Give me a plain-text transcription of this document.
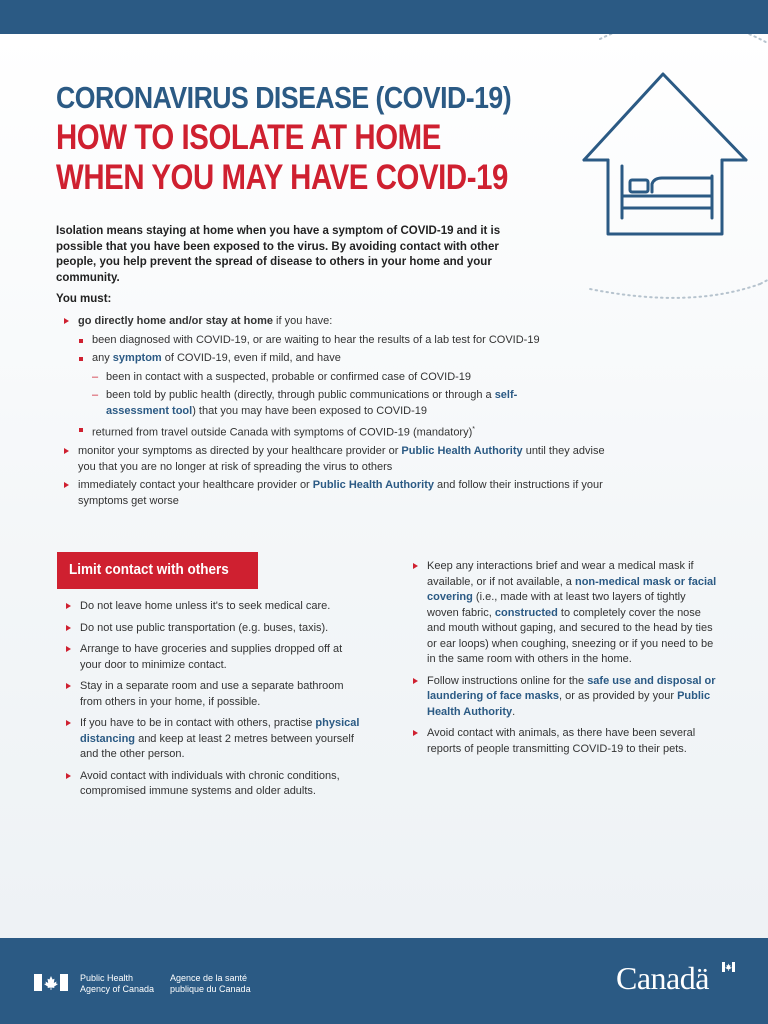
CORONAVIRUS DISEASE (COVID-19)
HOW TO ISOLATE AT HOME
WHEN YOU MAY HAVE COVID-19

Isolation means staying at home when you have a symptom of COVID-19 and it is possible that you have been exposed to the virus. By avoiding contact with other people, you help prevent the spread of disease to others in your home and your community.

You must:
go directly home and/or stay at home if you have:
been diagnosed with COVID-19, or are waiting to hear the results of a lab test for COVID-19
any symptom of COVID-19, even if mild, and have
– been in contact with a suspected, probable or confirmed case of COVID-19
– been told by public health (directly, through public communications or through a self-assessment tool) that you may have been exposed to COVID-19
returned from travel outside Canada with symptoms of COVID-19 (mandatory)*
monitor your symptoms as directed by your healthcare provider or Public Health Authority until they advise you that you are no longer at risk of spreading the virus to others
immediately contact your healthcare provider or Public Health Authority and follow their instructions if your symptoms get worse
Limit contact with others
Do not leave home unless it's to seek medical care.
Do not use public transportation (e.g. buses, taxis).
Arrange to have groceries and supplies dropped off at your door to minimize contact.
Stay in a separate room and use a separate bathroom from others in your home, if possible.
If you have to be in contact with others, practise physical distancing and keep at least 2 metres between yourself and the other person.
Avoid contact with individuals with chronic conditions, compromised immune systems and older adults.
Keep any interactions brief and wear a medical mask if available, or if not available, a non-medical mask or facial covering (i.e., made with at least two layers of tightly woven fabric, constructed to completely cover the nose and mouth without gaping, and secured to the head by ties or ear loops) when coughing, sneezing or if you need to be in the same room with others in the home.
Follow instructions online for the safe use and disposal or laundering of face masks, or as provided by your Public Health Authority.
Avoid contact with animals, as there have been several reports of people transmitting COVID-19 to their pets.
Public Health
Agency of Canada
Agence de la santé
publique du Canada	Canadä
